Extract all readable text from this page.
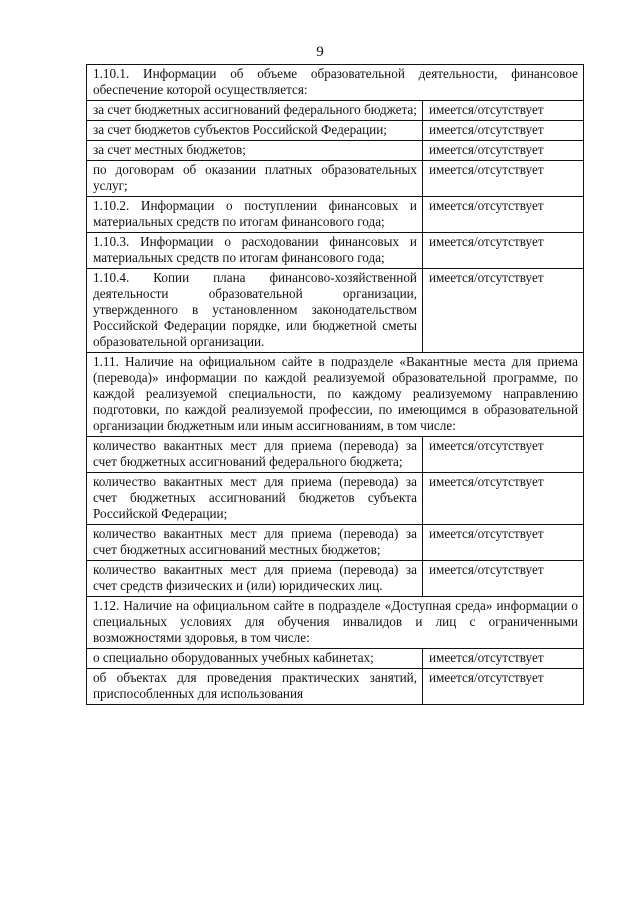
9
1.10.1. Информации об объеме образовательной деятельности, финансовое обеспечение которой осуществляется:	
за счет бюджетных ассигнований федерального бюджета;	имеется/отсутствует
за счет бюджетов субъектов Российской Федерации;	имеется/отсутствует
за счет местных бюджетов;	имеется/отсутствует
по договорам об оказании платных образовательных услуг;	имеется/отсутствует
1.10.2. Информации о поступлении финансовых и материальных средств по итогам финансового года;	имеется/отсутствует
1.10.3. Информации о расходовании финансовых и материальных средств по итогам финансового года;	имеется/отсутствует
1.10.4. Копии плана финансово-хозяйственной деятельности образовательной организации, утвержденного в установленном законодательством Российской Федерации порядке, или бюджетной сметы образовательной организации.	имеется/отсутствует
1.11. Наличие на официальном сайте в подразделе «Вакантные места для приема (перевода)» информации по каждой реализуемой образовательной программе, по каждой реализуемой специальности, по каждому реализуемому направлению подготовки, по каждой реализуемой профессии, по имеющимся в образовательной организации бюджетным или иным ассигнованиям, в том числе:	
количество вакантных мест для приема (перевода) за счет бюджетных ассигнований федерального бюджета;	имеется/отсутствует
количество вакантных мест для приема (перевода) за счет бюджетных ассигнований бюджетов субъекта Российской Федерации;	имеется/отсутствует
количество вакантных мест для приема (перевода) за счет бюджетных ассигнований местных бюджетов;	имеется/отсутствует
количество вакантных мест для приема (перевода) за счет средств физических и (или) юридических лиц.	имеется/отсутствует
1.12. Наличие на официальном сайте в подразделе «Доступная среда» информации о специальных условиях для обучения инвалидов и лиц с ограниченными возможностями здоровья, в том числе:	
о специально оборудованных учебных кабинетах;	имеется/отсутствует
об объектах для проведения практических занятий, приспособленных для использования	имеется/отсутствует
